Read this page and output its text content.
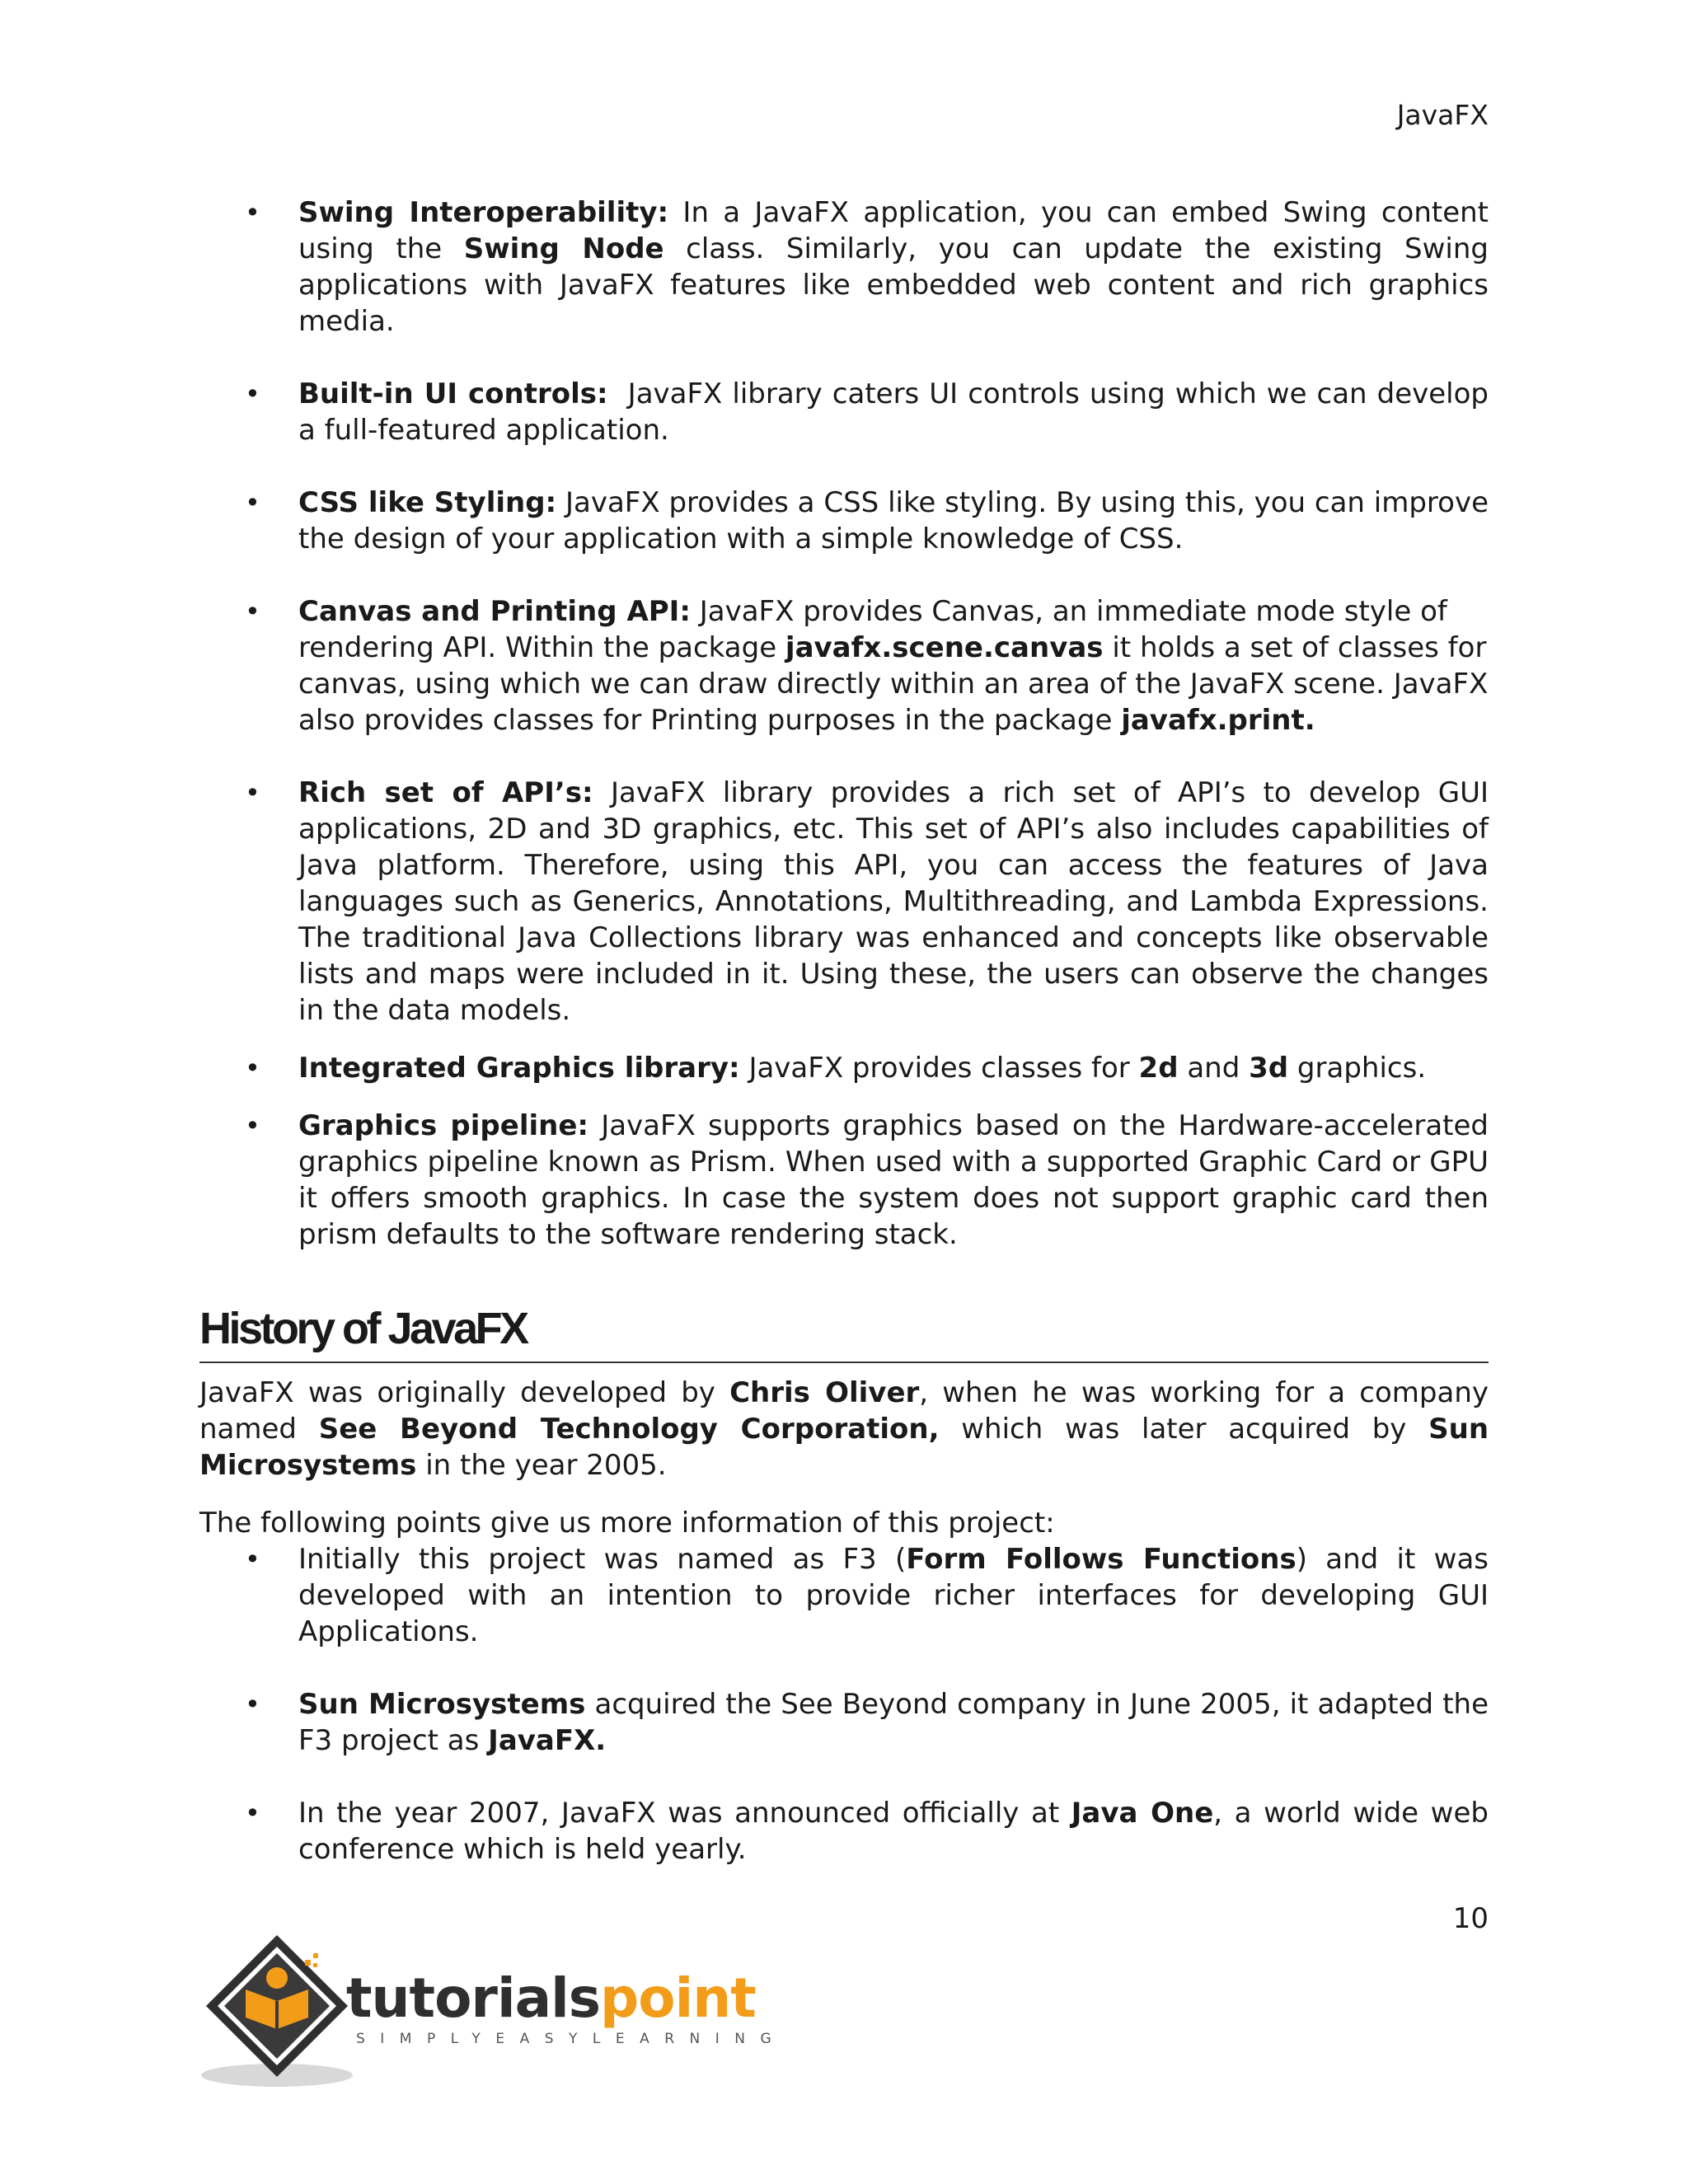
JavaFX
• Swing Interoperability: In a JavaFX application, you can embed Swing content using the Swing Node class. Similarly, you can update the existing Swing applications with JavaFX features like embedded web content and rich graphics media.
• Built-in UI controls:  JavaFX library caters UI controls using which we can develop a full-featured application.
• CSS like Styling: JavaFX provides a CSS like styling. By using this, you can improve the design of your application with a simple knowledge of CSS.
• Canvas and Printing API: JavaFX provides Canvas, an immediate mode style of rendering API. Within the package javafx.scene.canvas it holds a set of classes for canvas, using which we can draw directly within an area of the JavaFX scene. JavaFX also provides classes for Printing purposes in the package javafx.print.
• Rich set of API’s: JavaFX library provides a rich set of API’s to develop GUI applications, 2D and 3D graphics, etc. This set of API’s also includes capabilities of Java platform. Therefore, using this API, you can access the features of Java languages such as Generics, Annotations, Multithreading, and Lambda Expressions. The traditional Java Collections library was enhanced and concepts like observable lists and maps were included in it. Using these, the users can observe the changes in the data models.
• Integrated Graphics library: JavaFX provides classes for 2d and 3d graphics.
• Graphics pipeline: JavaFX supports graphics based on the Hardware-accelerated graphics pipeline known as Prism. When used with a supported Graphic Card or GPU it offers smooth graphics. In case the system does not support graphic card then prism defaults to the software rendering stack.
History of JavaFX

JavaFX was originally developed by Chris Oliver, when he was working for a company named See Beyond Technology Corporation, which was later acquired by Sun Microsystems in the year 2005.

The following points give us more information of this project:

• Initially this project was named as F3 (Form Follows Functions) and it was developed with an intention to provide richer interfaces for developing GUI Applications.
• Sun Microsystems acquired the See Beyond company in June 2005, it adapted the F3 project as JavaFX.
• In the year 2007, JavaFX was announced officially at Java One, a world wide web conference which is held yearly.
10
tutorialspoint
SIMPLYEASYLEARNING
